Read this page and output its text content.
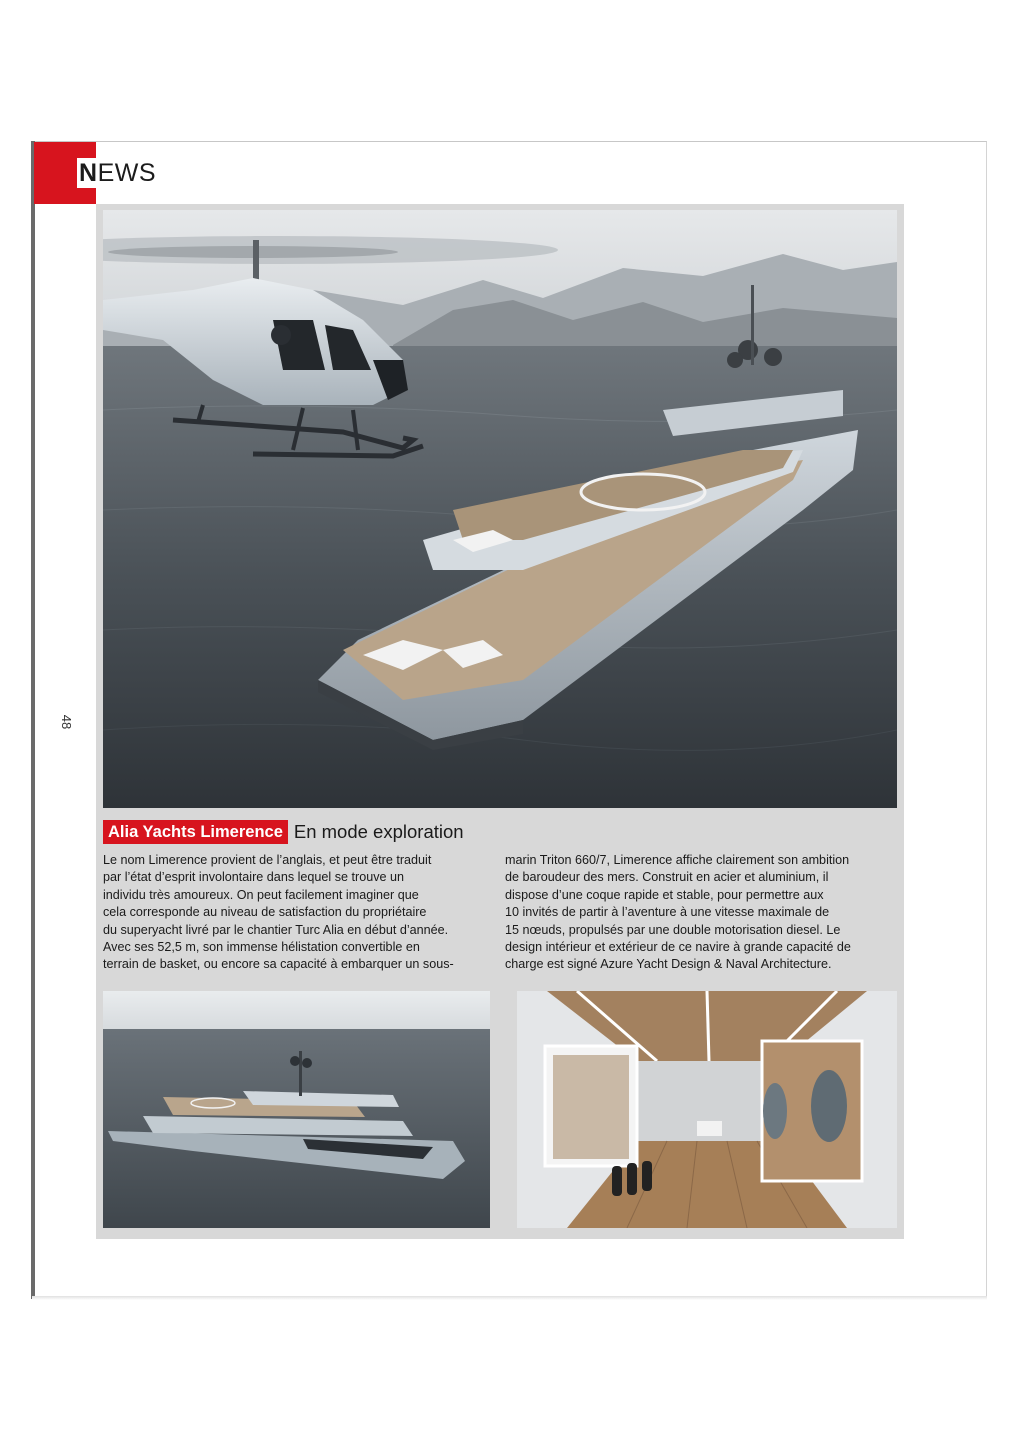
NEWS
48
Alia Yachts Limerence En mode exploration
Le nom Limerence provient de l’anglais, et peut être traduit
par l’état d’esprit involontaire dans lequel se trouve un
individu très amoureux. On peut facilement imaginer que
cela corresponde au niveau de satisfaction du propriétaire
du superyacht livré par le chantier Turc Alia en début d’année.
Avec ses 52,5 m, son immense hélistation convertible en
terrain de basket, ou encore sa capacité à embarquer un sous-
marin Triton 660/7, Limerence affiche clairement son ambition
de baroudeur des mers. Construit en acier et aluminium, il
dispose d’une coque rapide et stable, pour permettre aux
10 invités de partir à l’aventure à une vitesse maximale de
15 nœuds, propulsés par une double motorisation diesel. Le
design intérieur et extérieur de ce navire à grande capacité de
charge est signé Azure Yacht Design & Naval Architecture.
